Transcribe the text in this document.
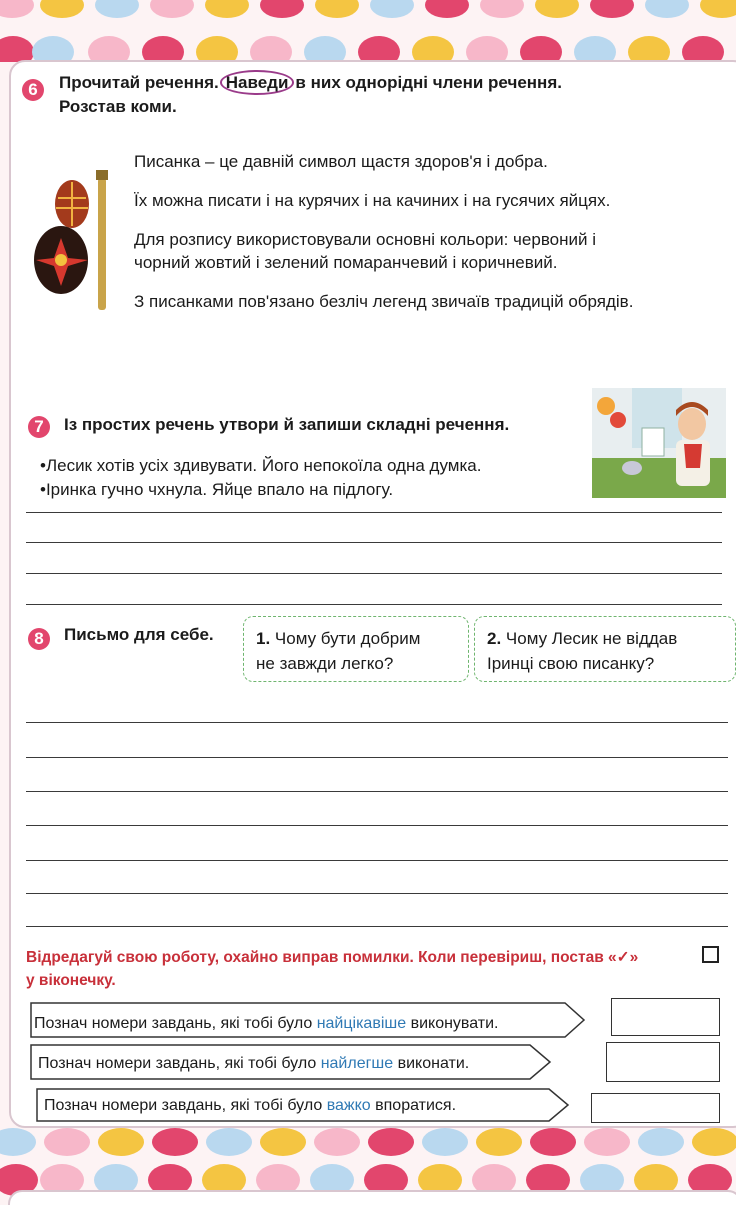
6	Прочитай речення. Наведи в них однорідні члени речення.
Розстав коми.
Писанка – це давній символ щастя здоров'я і добра.
Їх можна писати і на курячих і на качиних і на гусячих яйцях.
Для розпису використовували основні кольори: червоний і
чорний жовтий і зелений помаранчевий і коричневий.
З писанками пов'язано безліч легенд звичаїв традицій обрядів.
7	Із простих речень утвори й запиши складні речення.
•Лесик хотів усіх здивувати. Його непокоїла одна думка.
•Іринка гучно чхнула. Яйце впало на підлогу.
8	Письмо для себе. 1. Чому бути добрим
не завжди легко?
2. Чому Лесик не віддав
Іринці свою писанку?
Відредагуй свою роботу, охайно виправ помилки. Коли перевіриш, постав «✓»
у віконечку.
Познач номери завдань, які тобі було найцікавіше виконувати.
Познач номери завдань, які тобі було найлегше виконати.
Познач номери завдань, які тобі було важко впоратися.
